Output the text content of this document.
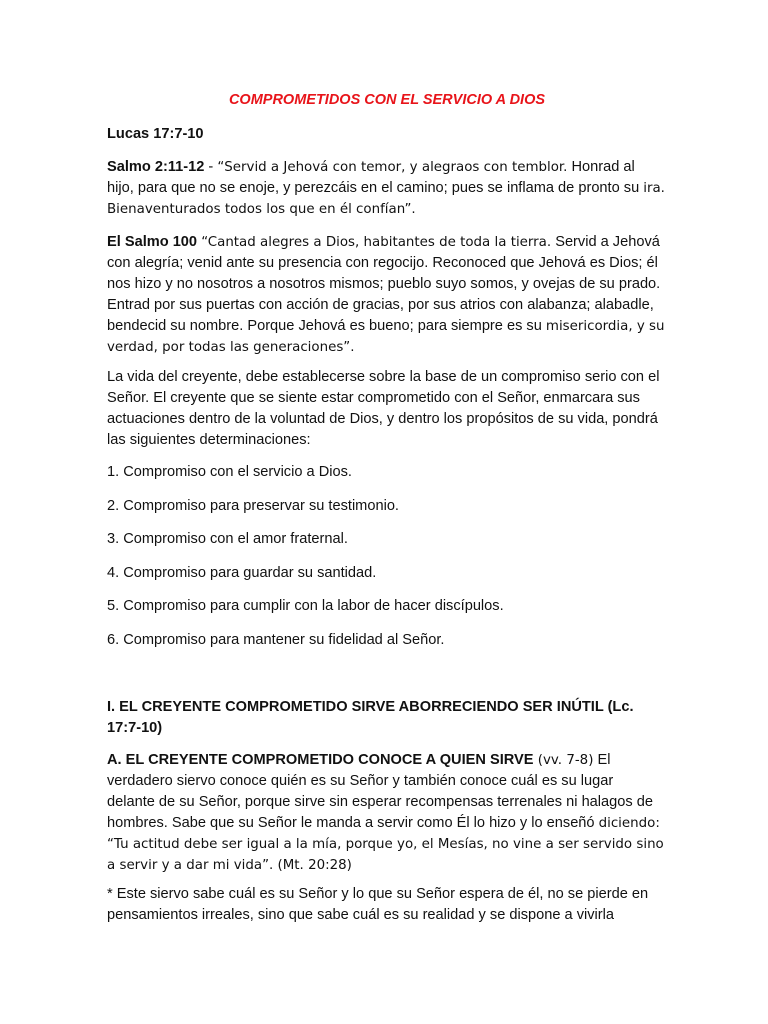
COMPROMETIDOS CON EL SERVICIO A DIOS

Lucas 17:7-10

Salmo 2:11-12 - “Servid a Jehová con temor, y alegraos con temblor. Honrad al hijo, para que no se enoje, y perezcáis en el camino; pues se inflama de pronto su ira. Bienaventurados todos los que en él confían”.

El Salmo 100 “Cantad alegres a Dios, habitantes de toda la tierra. Servid a Jehová con alegría; venid ante su presencia con regocijo. Reconoced que Jehová es Dios; él nos hizo y no nosotros a nosotros mismos; pueblo suyo somos, y ovejas de su prado. Entrad por sus puertas con acción de gracias, por sus atrios con alabanza; alabadle, bendecid su nombre. Porque Jehová es bueno; para siempre es su misericordia, y su verdad, por todas las generaciones”.

La vida del creyente, debe establecerse sobre la base de un compromiso serio con el Señor. El creyente que se siente estar comprometido con el Señor, enmarcara sus actuaciones dentro de la voluntad de Dios, y dentro los propósitos de su vida, pondrá las siguientes determinaciones:

1. Compromiso con el servicio a Dios.

2. Compromiso para preservar su testimonio.

3. Compromiso con el amor fraternal.

4. Compromiso para guardar su santidad.

5. Compromiso para cumplir con la labor de hacer discípulos.

6. Compromiso para mantener su fidelidad al Señor.

I. EL CREYENTE COMPROMETIDO SIRVE ABORRECIENDO SER INÚTIL (Lc. 17:7-10)

A. EL CREYENTE COMPROMETIDO CONOCE A QUIEN SIRVE (vv. 7-8) El verdadero siervo conoce quién es su Señor y también conoce cuál es su lugar delante de su Señor, porque sirve sin esperar recompensas terrenales ni halagos de hombres. Sabe que su Señor le manda a servir como Él lo hizo y lo enseñó diciendo: “Tu actitud debe ser igual a la mía, porque yo, el Mesías, no vine a ser servido sino a servir y a dar mi vida”. (Mt. 20:28)

* Este siervo sabe cuál es su Señor y lo que su Señor espera de él, no se pierde en pensamientos irreales, sino que sabe cuál es su realidad y se dispone a vivirla
